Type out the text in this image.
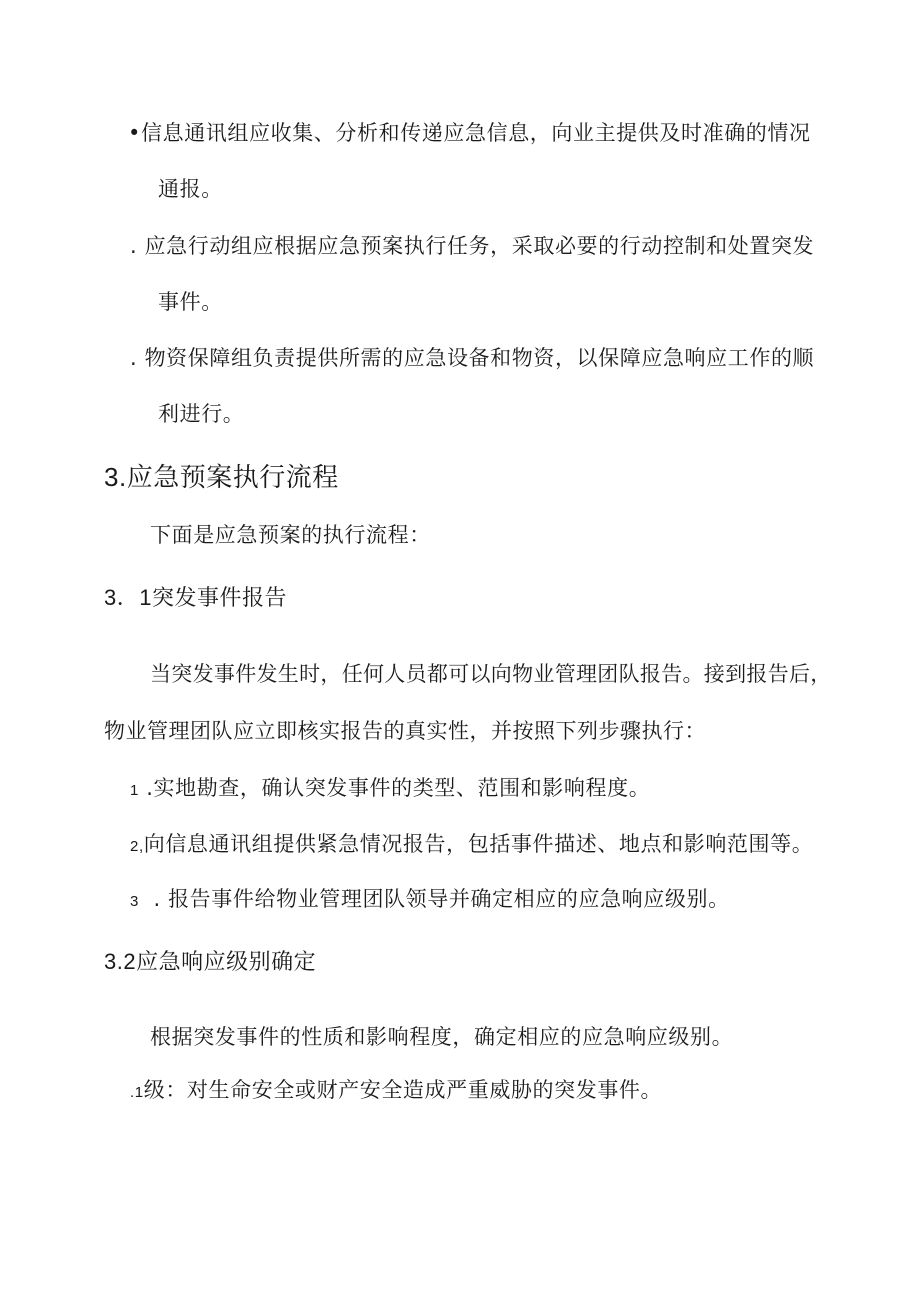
•信息通讯组应收集、分析和传递应急信息，向业主提供及时准确的情况
通报。
. 应急行动组应根据应急预案执行任务，采取必要的行动控制和处置突发
事件。
. 物资保障组负责提供所需的应急设备和物资，以保障应急响应工作的顺
利进行。
3.应急预案执行流程
下面是应急预案的执行流程：
3．1突发事件报告
当突发事件发生时，任何人员都可以向物业管理团队报告。接到报告后，
物业管理团队应立即核实报告的真实性，并按照下列步骤执行：
1 .实地勘查，确认突发事件的类型、范围和影响程度。
2,向信息通讯组提供紧急情况报告，包括事件描述、地点和影响范围等。
3 . 报告事件给物业管理团队领导并确定相应的应急响应级别。
3.2应急响应级别确定
根据突发事件的性质和影响程度，确定相应的应急响应级别。
.1级：对生命安全或财产安全造成严重威胁的突发事件。
